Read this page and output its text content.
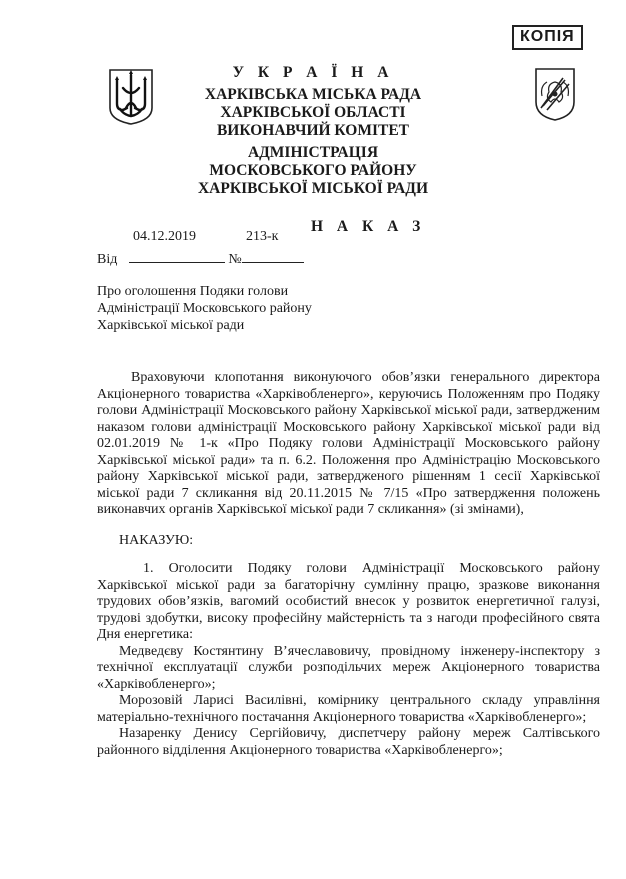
КОПІЯ
У К Р А Ї Н А
ХАРКІВСЬКА МІСЬКА РАДА
ХАРКІВСЬКОЇ ОБЛАСТІ
ВИКОНАВЧИЙ КОМІТЕТ
АДМІНІСТРАЦІЯ
МОСКОВСЬКОГО РАЙОНУ
ХАРКІВСЬКОЇ МІСЬКОЇ РАДИ
04.12.2019	213-к
Н А К А З
Від	№
Про оголошення Подяки голови
Адміністрації Московського району
Харківської міської ради

Враховуючи клопотання виконуючого обов’язки генерального директора Акціонерного товариства «Харківобленерго», керуючись Положенням про Подяку голови Адміністрації Московського району Харківської міської ради, затвердженим наказом голови адміністрації Московського району Харківської міської ради від 02.01.2019 № 1-к «Про Подяку голови Адміністрації Московського району Харківської міської ради» та п. 6.2. Положення про Адміністрацію Московського району Харківської міської ради, затвердженого рішенням 1 сесії Харківської міської ради 7 скликання від 20.11.2015 № 7/15 «Про затвердження положень виконавчих органів Харківської міської ради 7 скликання» (зі змінами),

НАКАЗУЮ:

1. Оголосити Подяку голови Адміністрації Московського району Харківської міської ради за багаторічну сумлінну працю, зразкове виконання трудових обов’язків, вагомий особистий внесок у розвиток енергетичної галузі, трудові здобутки, високу професійну майстерність та з нагоди професійного свята Дня енергетика:

Медведєву Костянтину В’ячеславовичу, провідному інженеру-інспектору з технічної експлуатації служби розподільчих мереж Акціонерного товариства «Харківобленерго»;

Морозовій Ларисі Василівні, комірнику центрального складу управління матеріально-технічного постачання Акціонерного товариства «Харківобленерго»;

Назаренку Денису Сергійовичу, диспетчеру району мереж Салтівського районного відділення Акціонерного товариства «Харківобленерго»;
